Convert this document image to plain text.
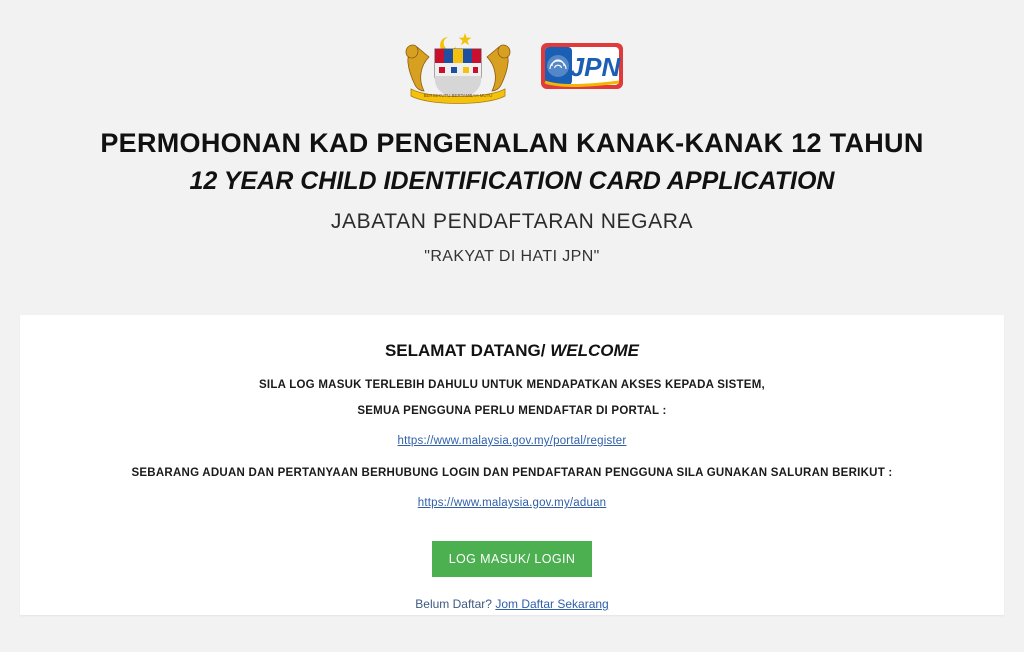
BERSEKUTU BERTAMBAH MUTU
JPN
PERMOHONAN KAD PENGENALAN KANAK-KANAK 12 TAHUN
12 YEAR CHILD IDENTIFICATION CARD APPLICATION
JABATAN PENDAFTARAN NEGARA
"RAKYAT DI HATI JPN"
SELAMAT DATANG/ WELCOME
SILA LOG MASUK TERLEBIH DAHULU UNTUK MENDAPATKAN AKSES KEPADA SISTEM,
SEMUA PENGGUNA PERLU MENDAFTAR DI PORTAL :
https://www.malaysia.gov.my/portal/register
SEBARANG ADUAN DAN PERTANYAAN BERHUBUNG LOGIN DAN PENDAFTARAN PENGGUNA SILA GUNAKAN SALURAN BERIKUT :
https://www.malaysia.gov.my/aduan
LOG MASUK/ LOGIN
Belum Daftar? Jom Daftar Sekarang
